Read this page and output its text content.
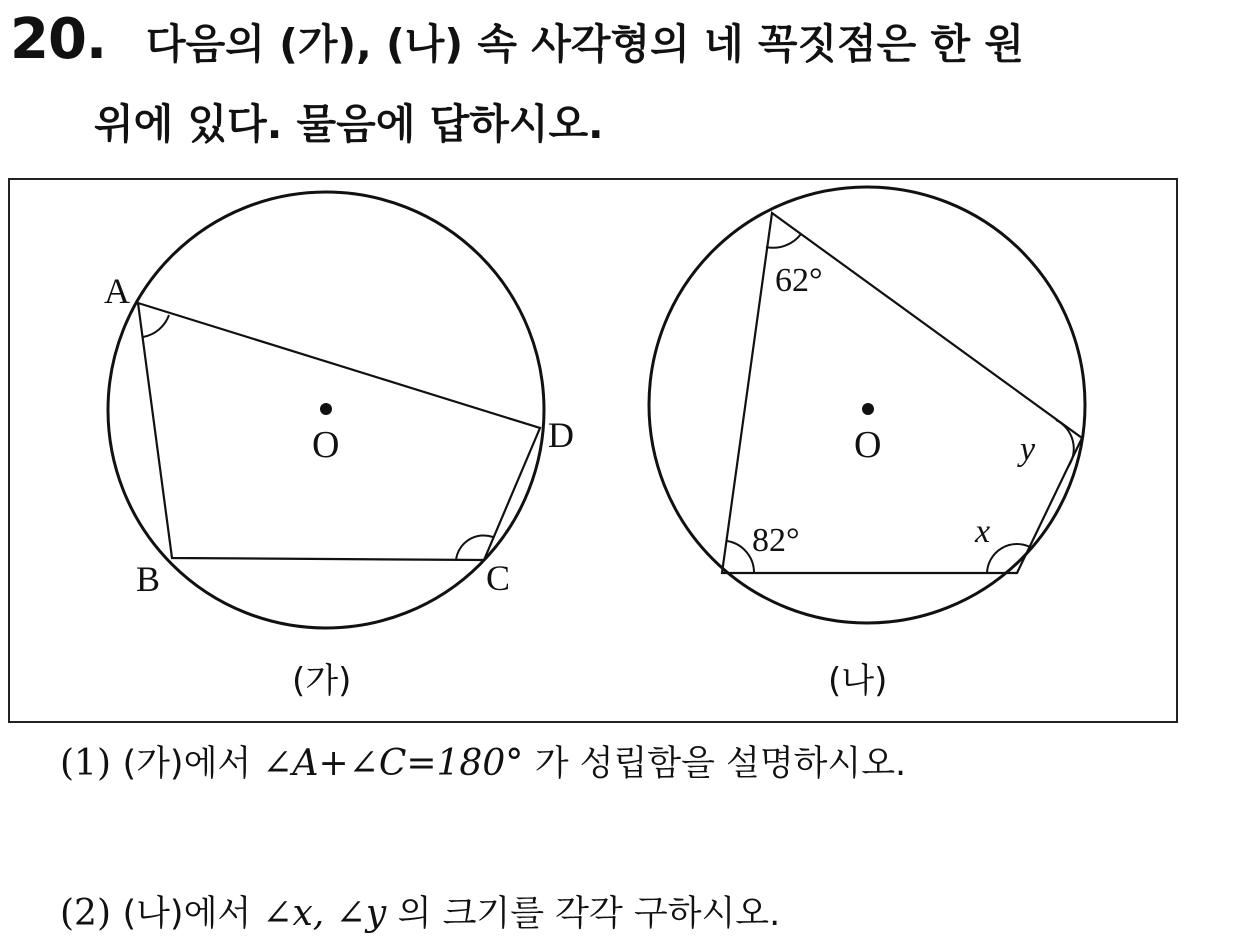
20. 다음의 (가), (나) 속 사각형의 네 꼭짓점은 한 원
위에 있다. 물음에 답하시오.
O
A
B	C
D
(가)
O
62°
82°	x
y
(나)
(1) (가)에서 ∠A+∠C=180° 가 성립함을 설명하시오.
(2) (나)에서 ∠x, ∠y 의 크기를 각각 구하시오.
